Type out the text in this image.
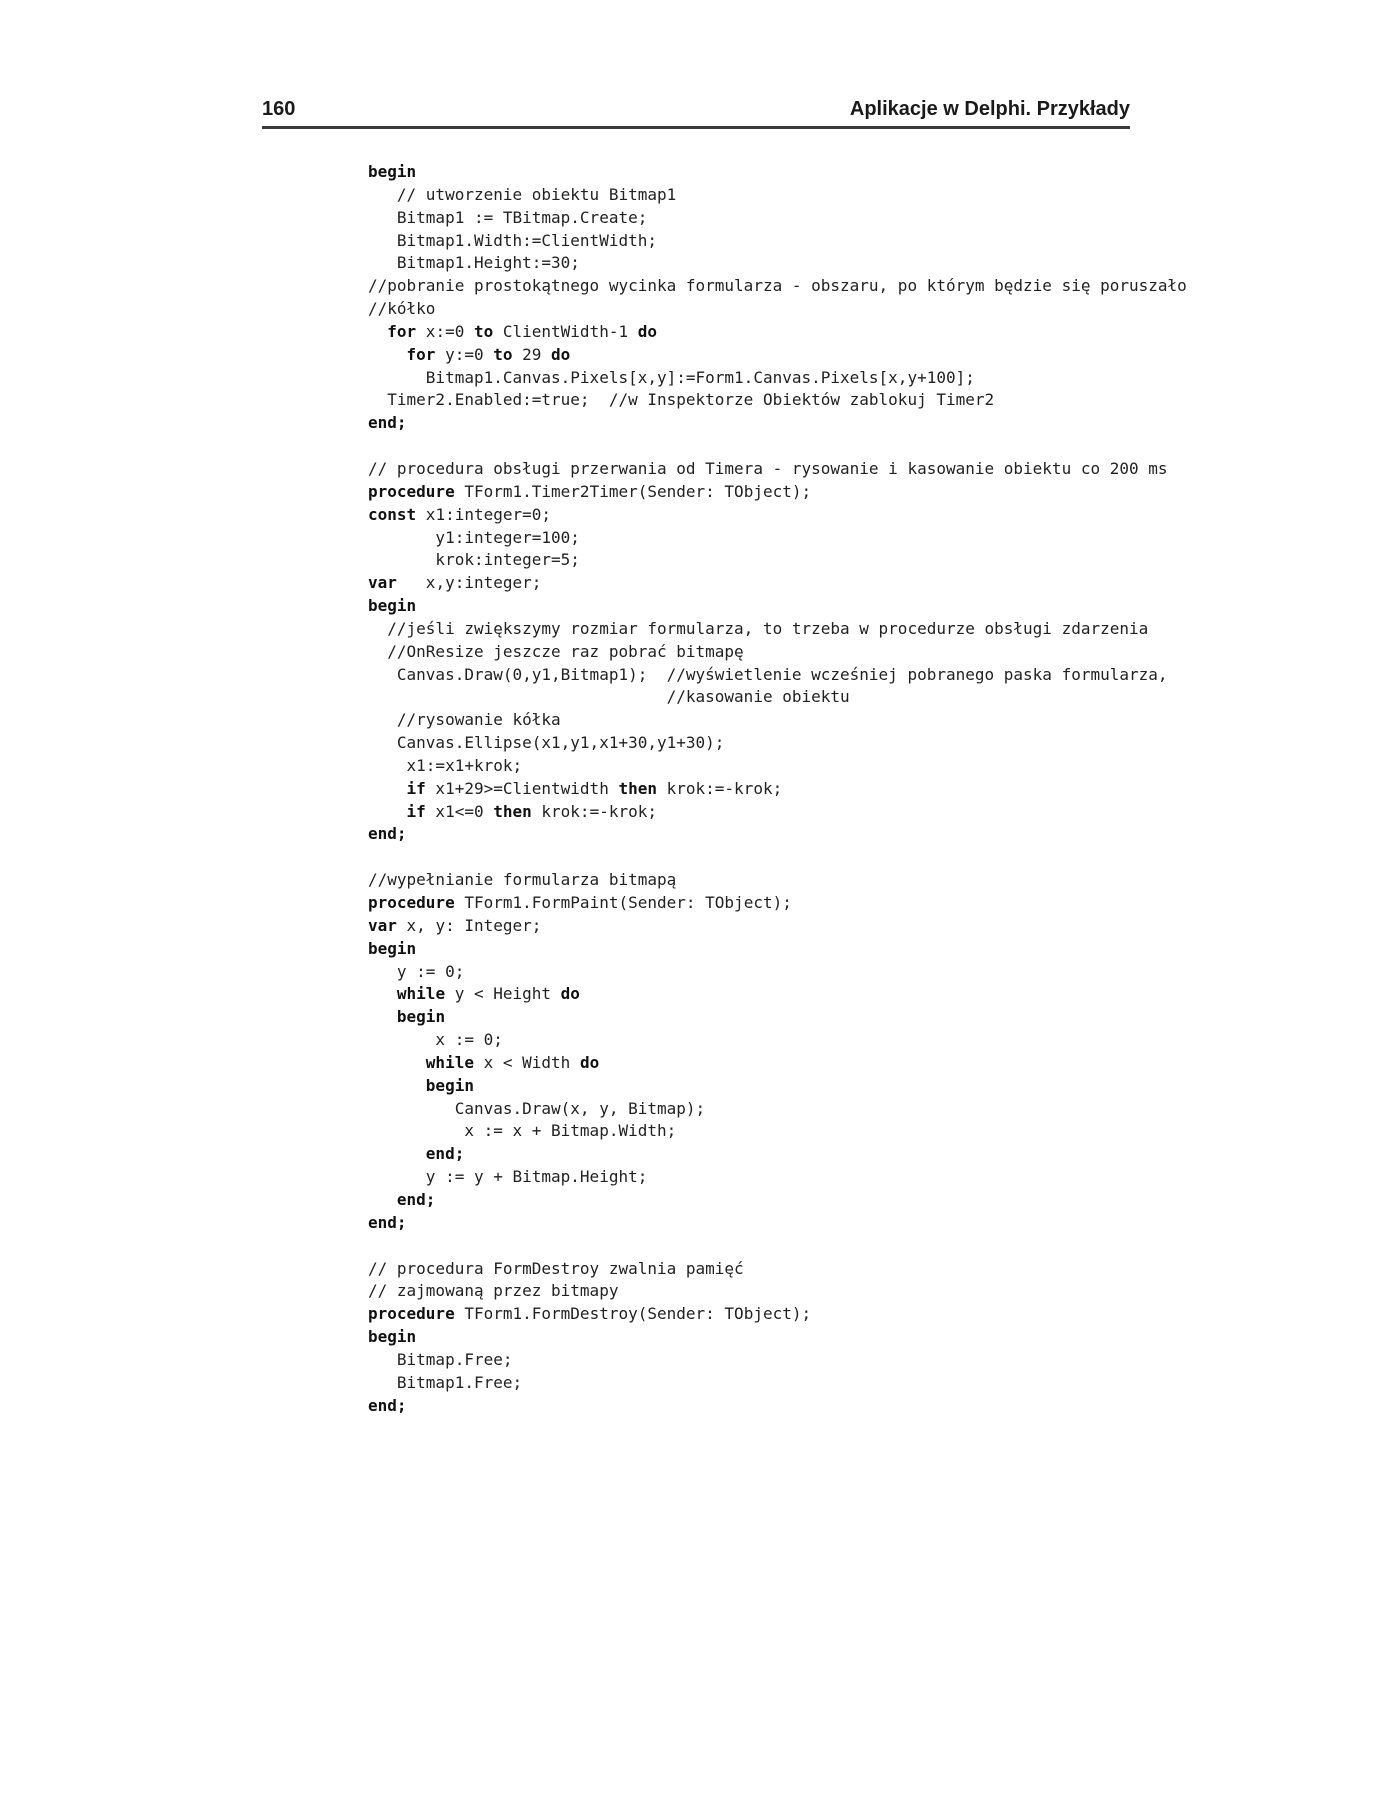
160	Aplikacje w Delphi. Przykłady
begin
// utworzenie obiektu Bitmap1
Bitmap1 := TBitmap.Create;
Bitmap1.Width:=ClientWidth;
Bitmap1.Height:=30;
//pobranie prostokątnego wycinka formularza - obszaru, po którym będzie się poruszało
//kółko
for x:=0 to ClientWidth-1 do
for y:=0 to 29 do
Bitmap1.Canvas.Pixels[x,y]:=Form1.Canvas.Pixels[x,y+100];
Timer2.Enabled:=true;  //w Inspektorze Obiektów zablokuj Timer2
end;
// procedura obsługi przerwania od Timera - rysowanie i kasowanie obiektu co 200 ms
procedure TForm1.Timer2Timer(Sender: TObject);
const x1:integer=0;
y1:integer=100;
krok:integer=5;
var   x,y:integer;
begin
//jeśli zwiększymy rozmiar formularza, to trzeba w procedurze obsługi zdarzenia
//OnResize jeszcze raz pobrać bitmapę
Canvas.Draw(0,y1,Bitmap1);  //wyświetlenie wcześniej pobranego paska formularza,
//kasowanie obiektu
//rysowanie kółka
Canvas.Ellipse(x1,y1,x1+30,y1+30);
x1:=x1+krok;
if x1+29>=Clientwidth then krok:=-krok;
if x1<=0 then krok:=-krok;
end;
//wypełnianie formularza bitmapą
procedure TForm1.FormPaint(Sender: TObject);
var x, y: Integer;
begin
y := 0;
while y < Height do
begin
x := 0;
while x < Width do
begin
Canvas.Draw(x, y, Bitmap);
x := x + Bitmap.Width;
end;
y := y + Bitmap.Height;
end;
end;
// procedura FormDestroy zwalnia pamięć
// zajmowaną przez bitmapy
procedure TForm1.FormDestroy(Sender: TObject);
begin
Bitmap.Free;
Bitmap1.Free;
end;
